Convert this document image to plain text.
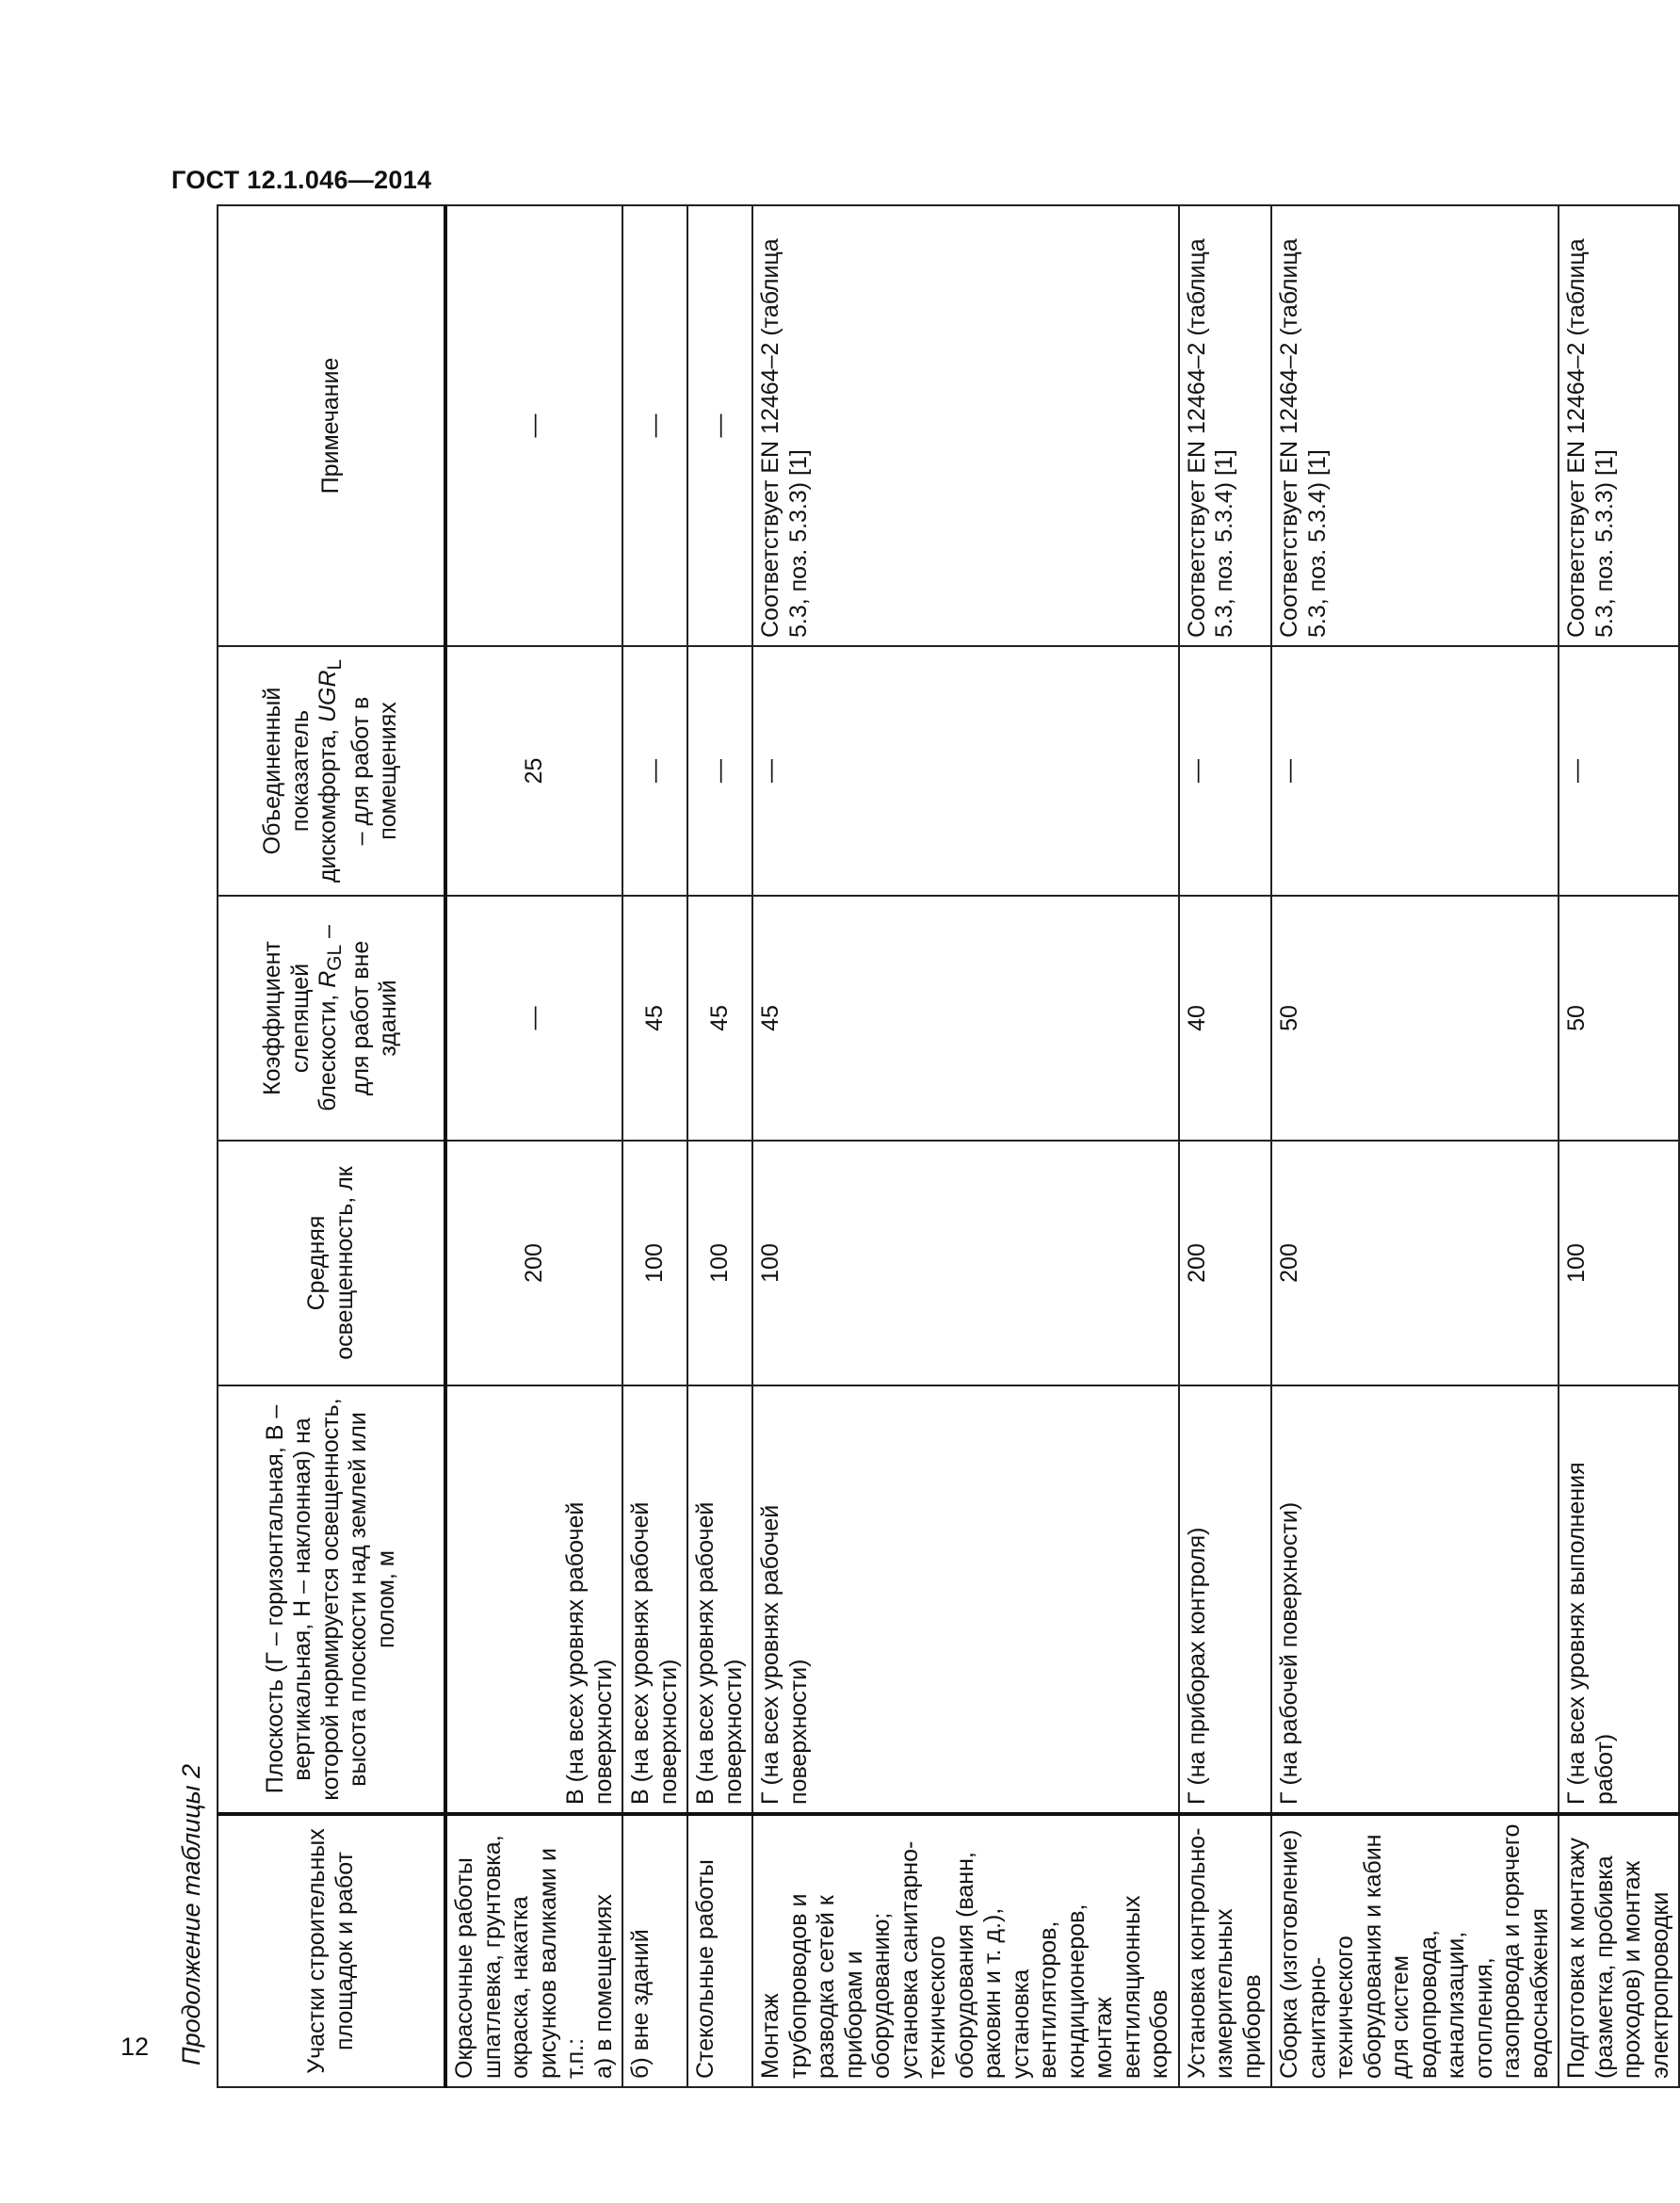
ГОСТ 12.1.046—2014
12 Продолжение таблицы 2	Участки строительных площадок и работ	Плоскость (Г – горизонтальная, В – вертикальная, Н – наклонная) на которой нормируется освещенность, высота плоскости над землей или полом, м	Средняя освещенность, лк	Коэффициент слепящей блескости, $R_{GL}$ – для работ вне зданий	Объединенный показатель дискомфорта, $UGR_L$ – для работ в помещениях	Примечание

Окрасочные работы шпатлевка, грунтовка, окраска, накатка рисунков валиками и т.п.: а) в помещениях	В (на всех уровнях рабочей поверхности)	200	—	25	—
б) вне зданий	В (на всех уровнях рабочей поверхности)	100	45	—	—
Стекольные работы	В (на всех уровнях рабочей поверхности)	100	45	—	—
Монтаж трубопроводов и разводка сетей к приборам и оборудованию; установка санитарно-технического оборудования (ванн, раковин и т. д.), установка вентиляторов, кондиционеров, монтаж вентиляционных коробов	Г (на всех уровнях рабочей поверхности)	100	45	—	Соответствует EN 12464–2 (таблица 5.3, поз. 5.3.3) [1]
Установка контрольно-измерительных приборов	Г (на приборах контроля)	200	40	—	Соответствует EN 12464–2 (таблица 5.3, поз. 5.3.4) [1]
Сборка (изготовление) санитарно-технического оборудования и кабин для систем водопровода, канализации, отопления, газопровода и горячего водоснабжения	Г (на рабочей поверхности)	200	50	—	Соответствует EN 12464–2 (таблица 5.3, поз. 5.3.4) [1]
Подготовка к монтажу (разметка, пробивка проходов) и монтаж электропроводки	Г (на всех уровнях выполнения работ)	100	50	—	Соответствует EN 12464–2 (таблица 5.3, поз. 5.3.3) [1]
